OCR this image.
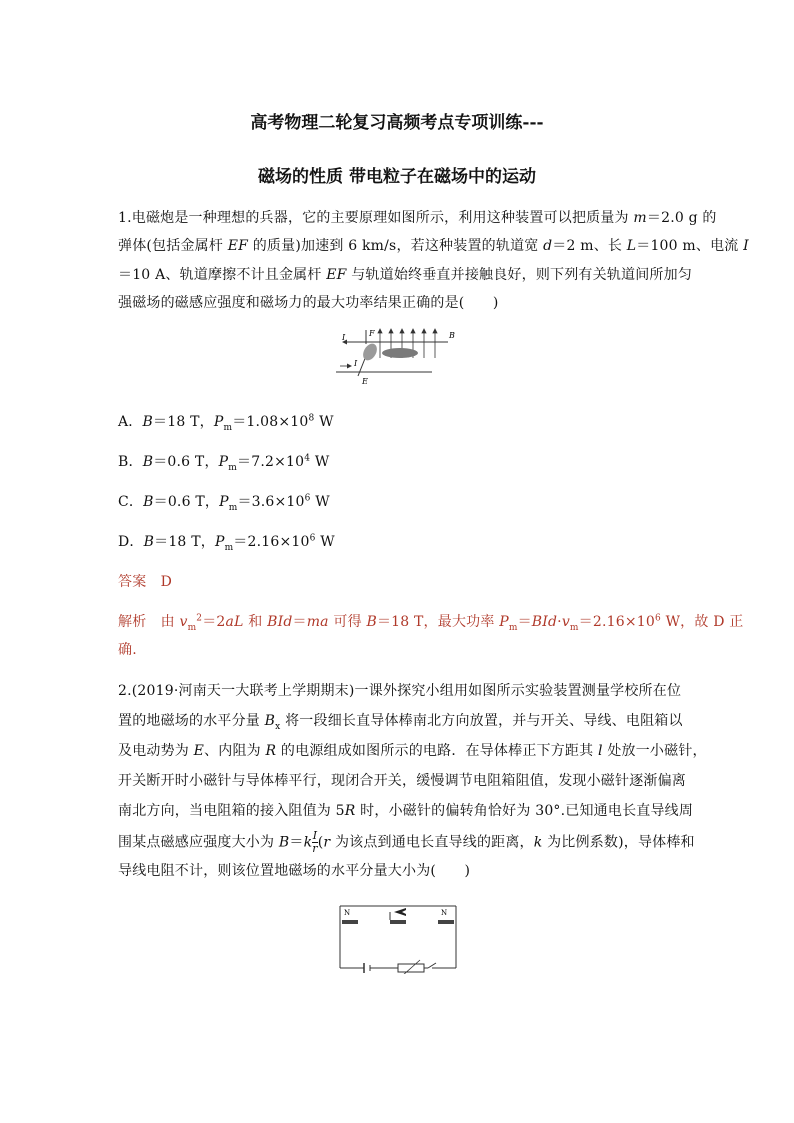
高考物理二轮复习高频考点专项训练---
磁场的性质 带电粒子在磁场中的运动
1.电磁炮是一种理想的兵器，它的主要原理如图所示，利用这种装置可以把质量为 m＝2.0 g 的
弹体(包括金属杆 EF 的质量)加速到 6 km/s，若这种装置的轨道宽 d＝2 m、长 L＝100 m、电流 I
＝10 A、轨道摩擦不计且金属杆 EF 与轨道始终垂直并接触良好，则下列有关轨道间所加匀
强磁场的磁感应强度和磁场力的最大功率结果正确的是(　　)
I	F	B
I
E
A．B＝18 T，$P_m=1.08\times 10^8$ W
B．B＝0.6 T，$P_m=7.2\times 10^4$ W
C．B＝0.6 T，$P_m=3.6\times 10^6$ W
D．B＝18 T，$P_m=2.16\times 10^6$ W
答案　D
解析　由 $v_m^2=2aL$ 和 BId＝ma 可得 B＝18 T，最大功率 $P_m=BId\cdot v_m=2.16\times 10^6$ W，故 D 正
确.
2.(2019·河南天一大联考上学期期末)一课外探究小组用如图所示实验装置测量学校所在位
置的地磁场的水平分量 $B_x$ 将一段细长直导体棒南北方向放置，并与开关、导线、电阻箱以
及电动势为 E、内阻为 R 的电源组成如图所示的电路．在导体棒正下方距其 l 处放一小磁针，
开关断开时小磁针与导体棒平行，现闭合开关，缓慢调节电阻箱阻值，发现小磁针逐渐偏离
南北方向，当电阻箱的接入阻值为 5R 时，小磁针的偏转角恰好为 30°.已知通电长直导线周
围某点磁感应强度大小为 $B=k \frac{I}{r} (r$ 为该点到通电长直导线的距离，k 为比例系数)，导体棒和
导线电阻不计，则该位置地磁场的水平分量大小为(　　)
N	N
